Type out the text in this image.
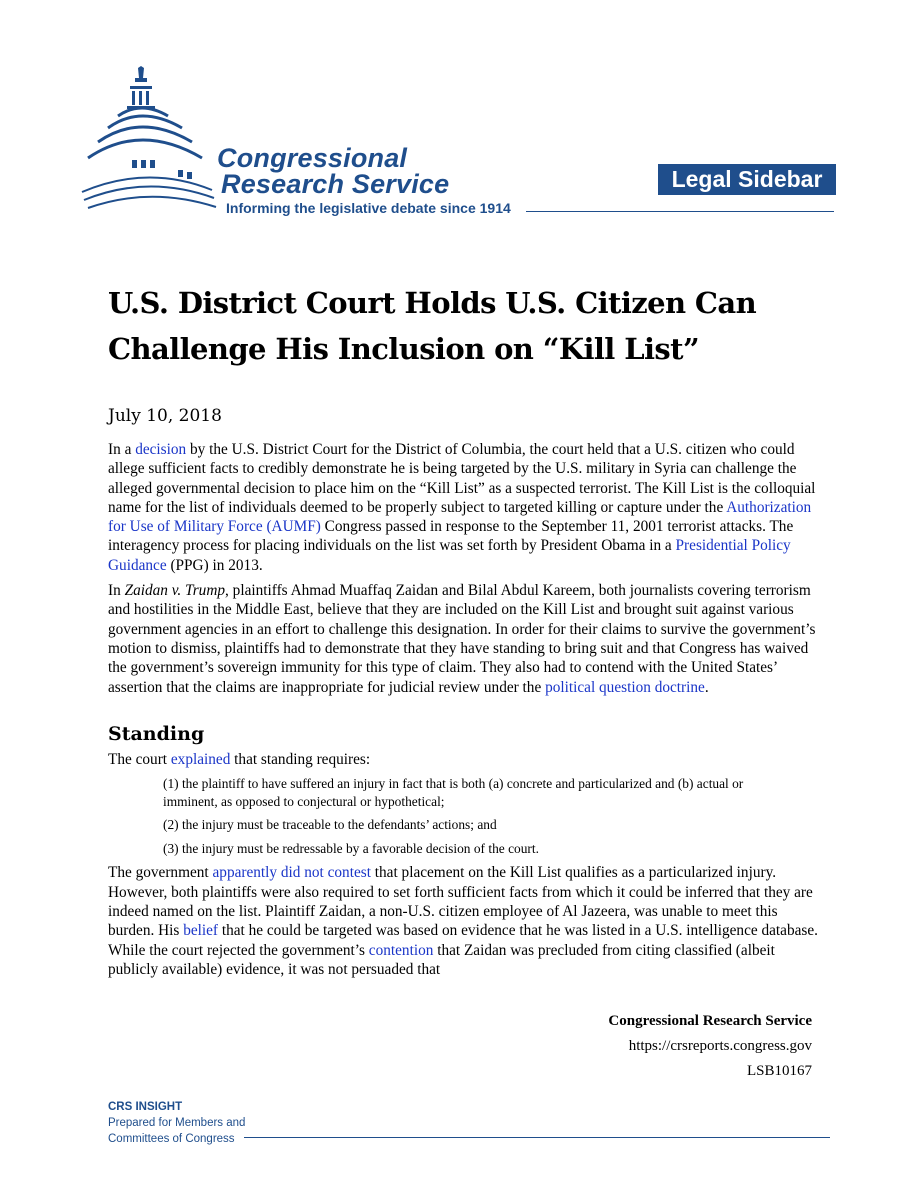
Congressional
Research Service
Informing the legislative debate since 1914
Legal Sidebar
U.S. District Court Holds U.S. Citizen Can Challenge His Inclusion on “Kill List”
July 10, 2018

In a decision by the U.S. District Court for the District of Columbia, the court held that a U.S. citizen who could allege sufficient facts to credibly demonstrate he is being targeted by the U.S. military in Syria can challenge the alleged governmental decision to place him on the “Kill List” as a suspected terrorist. The Kill List is the colloquial name for the list of individuals deemed to be properly subject to targeted killing or capture under the Authorization for Use of Military Force (AUMF) Congress passed in response to the September 11, 2001 terrorist attacks. The interagency process for placing individuals on the list was set forth by President Obama in a Presidential Policy Guidance (PPG) in 2013.

In Zaidan v. Trump, plaintiffs Ahmad Muaffaq Zaidan and Bilal Abdul Kareem, both journalists covering terrorism and hostilities in the Middle East, believe that they are included on the Kill List and brought suit against various government agencies in an effort to challenge this designation. In order for their claims to survive the government’s motion to dismiss, plaintiffs had to demonstrate that they have standing to bring suit and that Congress has waived the government’s sovereign immunity for this type of claim. They also had to contend with the United States’ assertion that the claims are inappropriate for judicial review under the political question doctrine.

Standing

The court explained that standing requires:

(1) the plaintiff to have suffered an injury in fact that is both (a) concrete and particularized and (b) actual or imminent, as opposed to conjectural or hypothetical;

(2) the injury must be traceable to the defendants’ actions; and

(3) the injury must be redressable by a favorable decision of the court.

The government apparently did not contest that placement on the Kill List qualifies as a particularized injury. However, both plaintiffs were also required to set forth sufficient facts from which it could be inferred that they are indeed named on the list. Plaintiff Zaidan, a non-U.S. citizen employee of Al Jazeera, was unable to meet this burden. His belief that he could be targeted was based on evidence that he was listed in a U.S. intelligence database. While the court rejected the government’s contention that Zaidan was precluded from citing classified (albeit publicly available) evidence, it was not persuaded that

Congressional Research Service
https://crsreports.congress.gov
LSB10167
CRS INSIGHT
Prepared for Members and
Committees of Congress
